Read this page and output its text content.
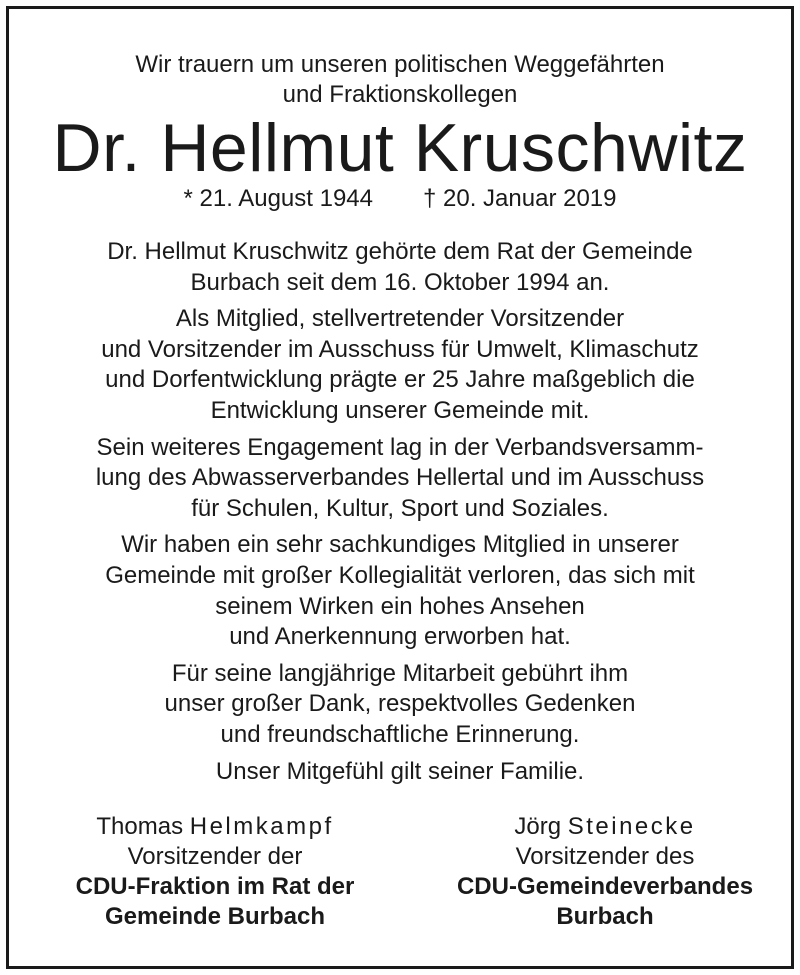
Wir trauern um unseren politischen Weggefährten
und Fraktionskollegen
Dr. Hellmut Kruschwitz
* 21. August 1944 † 20. Januar 2019
Dr. Hellmut Kruschwitz gehörte dem Rat der Gemeinde
Burbach seit dem 16. Oktober 1994 an.
Als Mitglied, stellvertretender Vorsitzender
und Vorsitzender im Ausschuss für Umwelt, Klimaschutz
und Dorfentwicklung prägte er 25 Jahre maßgeblich die
Entwicklung unserer Gemeinde mit.
Sein weiteres Engagement lag in der Verbandsversamm-
lung des Abwasserverbandes Hellertal und im Ausschuss
für Schulen, Kultur, Sport und Soziales.
Wir haben ein sehr sachkundiges Mitglied in unserer
Gemeinde mit großer Kollegialität verloren, das sich mit
seinem Wirken ein hohes Ansehen
und Anerkennung erworben hat.
Für seine langjährige Mitarbeit gebührt ihm
unser großer Dank, respektvolles Gedenken
und freundschaftliche Erinnerung.
Unser Mitgefühl gilt seiner Familie.
Thomas Helmkampf
Vorsitzender der
CDU-Fraktion im Rat der
Gemeinde Burbach
Jörg Steinecke
Vorsitzender des
CDU-Gemeindeverbandes
Burbach
